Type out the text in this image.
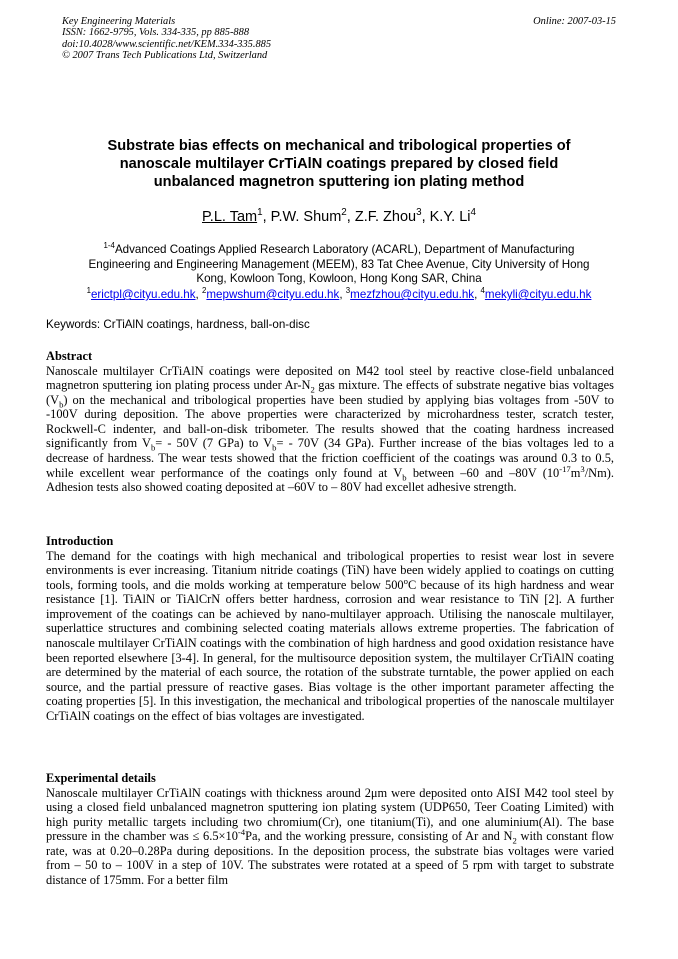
Key Engineering Materials
ISSN: 1662-9795, Vols. 334-335, pp 885-888
doi:10.4028/www.scientific.net/KEM.334-335.885
© 2007 Trans Tech Publications Ltd, Switzerland
Online: 2007-03-15
Substrate bias effects on mechanical and tribological properties of
nanoscale multilayer CrTiAlN coatings prepared by closed field
unbalanced magnetron sputtering ion plating method
P.L. Tam$^1$, P.W. Shum$^2$, Z.F. Zhou$^3$, K.Y. Li$^4$
$^{1-4}$Advanced Coatings Applied Research Laboratory (ACARL), Department of Manufacturing
Engineering and Engineering Management (MEEM), 83 Tat Chee Avenue, City University of Hong
Kong, Kowloon Tong, Kowloon, Hong Kong SAR, China
$^1$erictpl@cityu.edu.hk, $^2$mepwshum@cityu.edu.hk, $^3$mezfzhou@cityu.edu.hk, $^4$mekyli@cityu.edu.hk
Keywords: CrTiAlN coatings, hardness, ball-on-disc
Abstract

Nanoscale multilayer CrTiAlN coatings were deposited on M42 tool steel by reactive close-field unbalanced magnetron sputtering ion plating process under $Ar-N_2$ gas mixture. The effects of substrate negative bias voltages $(V_b)$ on the mechanical and tribological properties have been studied by applying bias voltages from -50V to -100V during deposition. The above properties were characterized by microhardness tester, scratch tester, Rockwell-C indenter, and ball-on-disk tribometer. The results showed that the coating hardness increased significantly from $V_b= - 50V$ (7 GPa) to $V_b= - 70V$ (34 GPa). Further increase of the bias voltages led to a decrease of hardness. The wear tests showed that the friction coefficient of the coatings was around 0.3 to 0.5, while excellent wear performance of the coatings only found at $V_b$ between –60 and –80V $(10^{-17}m^3/Nm)$. Adhesion tests also showed coating deposited at –60V to – 80V had excellet adhesive strength.

Introduction

The demand for the coatings with high mechanical and tribological properties to resist wear lost in severe environments is ever increasing. Titanium nitride coatings (TiN) have been widely applied to coatings on cutting tools, forming tools, and die molds working at temperature below 500$^o$C because of its high hardness and wear resistance [1]. TiAlN or TiAlCrN offers better hardness, corrosion and wear resistance to TiN [2]. A further improvement of the coatings can be achieved by nano-multilayer approach. Utilising the nanoscale multilayer, superlattice structures and combining selected coating materials allows extreme properties. The fabrication of nanoscale multilayer CrTiAlN coatings with the combination of high hardness and good oxidation resistance have been reported elsewhere [3-4]. In general, for the multisource deposition system, the multilayer CrTiAlN coating are determined by the material of each source, the rotation of the substrate turntable, the power applied on each source, and the partial pressure of reactive gases. Bias voltage is the other important parameter affecting the coating properties [5]. In this investigation, the mechanical and tribological properties of the nanoscale multilayer CrTiAlN coatings on the effect of bias voltages are investigated.

Experimental details

Nanoscale multilayer CrTiAlN coatings with thickness around 2μm were deposited onto AISI M42 tool steel by using a closed field unbalanced magnetron sputtering ion plating system (UDP650, Teer Coating Limited) with high purity metallic targets including two chromium(Cr), one titanium(Ti), and one aluminium(Al). The base pressure in the chamber was ≤ $6.5\times 10^{-4}Pa$, and the working pressure, consisting of Ar and $N_2$ with constant flow rate, was at 0.20–0.28Pa during depositions. In the deposition process, the substrate bias voltages were varied from – 50 to – 100V in a step of 10V. The substrates were rotated at a speed of 5 rpm with target to substrate distance of 175mm. For a better film
